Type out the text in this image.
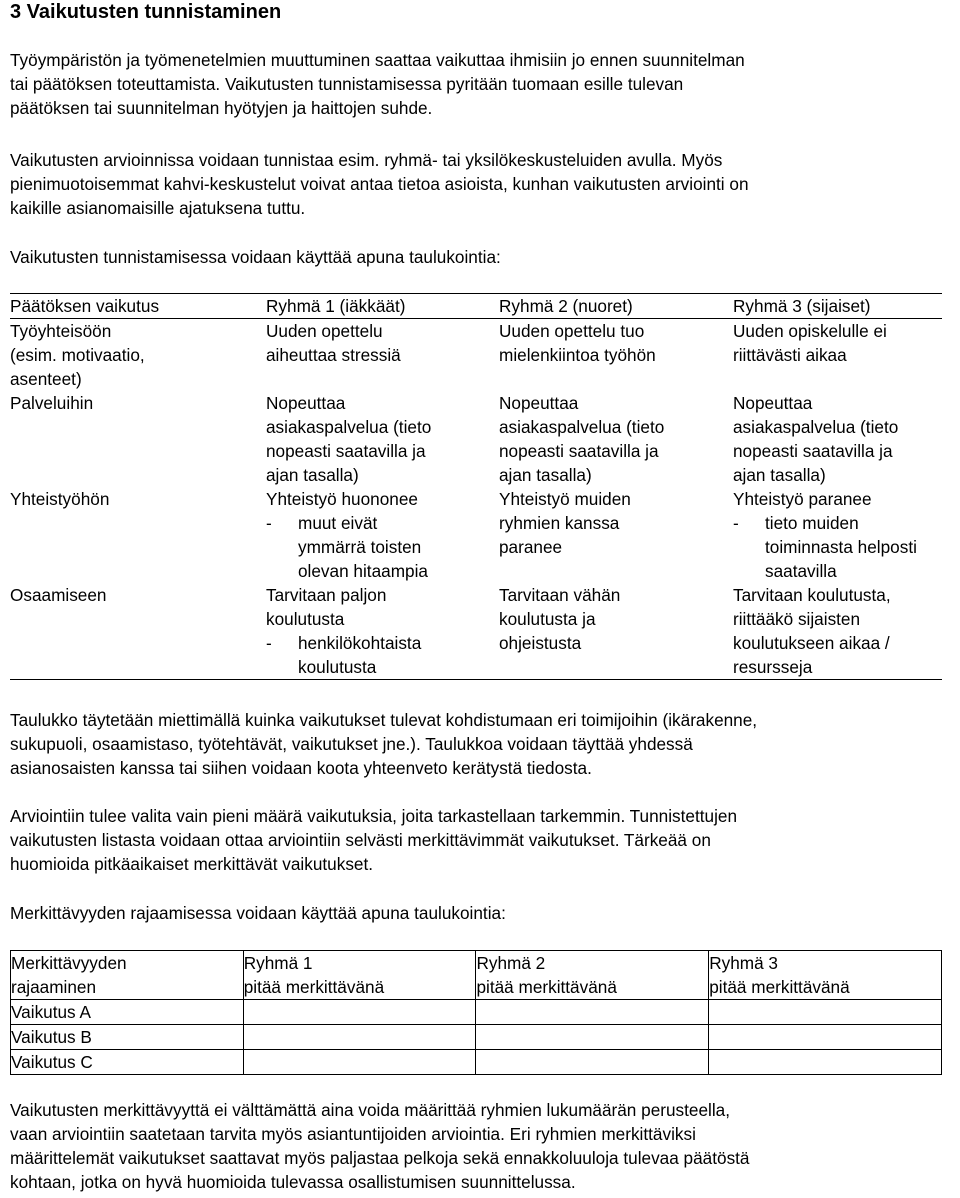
3 Vaikutusten tunnistaminen

Työympäristön ja työmenetelmien muuttuminen saattaa vaikuttaa ihmisiin jo ennen suunnitelman
tai päätöksen toteuttamista. Vaikutusten tunnistamisessa pyritään tuomaan esille tulevan
päätöksen tai suunnitelman hyötyjen ja haittojen suhde.

Vaikutusten arvioinnissa voidaan tunnistaa esim. ryhmä- tai yksilökeskusteluiden avulla. Myös
pienimuotoisemmat kahvi-keskustelut voivat antaa tietoa asioista, kunhan vaikutusten arviointi on
kaikille asianomaisille ajatuksena tuttu.

Vaikutusten tunnistamisessa voidaan käyttää apuna taulukointia:

Päätöksen vaikutus	Ryhmä 1 (iäkkäät)	Ryhmä 2 (nuoret)	Ryhmä 3 (sijaiset)

Työyhteisöön
(esim. motivaatio,
asenteet)	Uuden opettelu
aiheuttaa stressiä	Uuden opettelu tuo
mielenkiintoa työhön	Uuden opiskelulle ei
riittävästi aikaa

Palveluihin	Nopeuttaa
asiakaspalvelua (tieto
nopeasti saatavilla ja
ajan tasalla)	Nopeuttaa
asiakaspalvelua (tieto
nopeasti saatavilla ja
ajan tasalla)	Nopeuttaa
asiakaspalvelua (tieto
nopeasti saatavilla ja
ajan tasalla)

Yhteistyöhön	Yhteistyö huononee
- muut eivät
ymmärrä toisten
olevan hitaampia	Yhteistyö muiden
ryhmien kanssa
paranee	Yhteistyö paranee
- tieto muiden
toiminnasta helposti
saatavilla

Osaamiseen	Tarvitaan paljon
koulutusta
- henkilökohtaista
koulutusta	Tarvitaan vähän
koulutusta ja
ohjeistusta	Tarvitaan koulutusta,
riittääkö sijaisten
koulutukseen aikaa /
resursseja

Taulukko täytetään miettimällä kuinka vaikutukset tulevat kohdistumaan eri toimijoihin (ikärakenne,
sukupuoli, osaamistaso, työtehtävät, vaikutukset jne.). Taulukkoa voidaan täyttää yhdessä
asianosaisten kanssa tai siihen voidaan koota yhteenveto kerätystä tiedosta.

Arviointiin tulee valita vain pieni määrä vaikutuksia, joita tarkastellaan tarkemmin. Tunnistettujen
vaikutusten listasta voidaan ottaa arviointiin selvästi merkittävimmät vaikutukset. Tärkeää on
huomioida pitkäaikaiset merkittävät vaikutukset.

Merkittävyyden rajaamisessa voidaan käyttää apuna taulukointia:

Merkittävyyden
rajaaminen	Ryhmä 1
pitää merkittävänä	Ryhmä 2
pitää merkittävänä	Ryhmä 3
pitää merkittävänä

Vaikutus A			
Vaikutus B			
Vaikutus C			

Vaikutusten merkittävyyttä ei välttämättä aina voida määrittää ryhmien lukumäärän perusteella,
vaan arviointiin saatetaan tarvita myös asiantuntijoiden arviointia. Eri ryhmien merkittäviksi
määrittelemät vaikutukset saattavat myös paljastaa pelkoja sekä ennakkoluuloja tulevaa päätöstä
kohtaan, jotka on hyvä huomioida tulevassa osallistumisen suunnittelussa.
